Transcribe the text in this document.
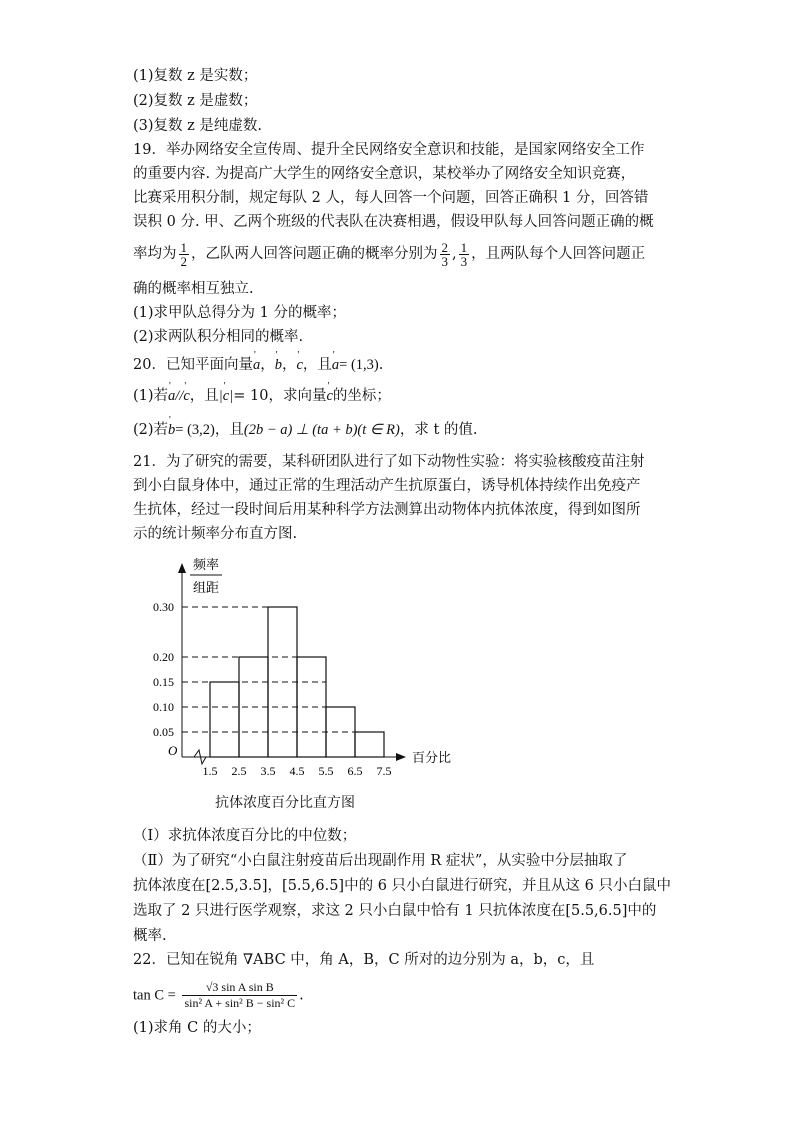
(1)复数 z 是实数；
(2)复数 z 是虚数；
(3)复数 z 是纯虚数.
19．举办网络安全宣传周、提升全民网络安全意识和技能，是国家网络安全工作
的重要内容. 为提高广大学生的网络安全意识，某校举办了网络安全知识竞赛，
比赛采用积分制，规定每队 2 人，每人回答一个问题，回答正确积 1 分，回答错
误积 0 分. 甲、乙两个班级的代表队在决赛相遇，假设甲队每人回答问题正确的概
率均为 $\frac{1}{2}$ ，乙队两人回答问题正确的概率分别为 $\frac{2}{3}$ , $\frac{1}{3}$ ，且两队每个人回答问题正
确的概率相互独立.
(1)求甲队总得分为 1 分的概率；
(2)求两队积分相同的概率.
20．已知平面向量' a，' b，' c，且' a= (1,3).
(1)若' a//' c，且|' c|= 10，求向量' c的坐标；
(2)若' b= (3,2)，且(2b − a) ⊥ (ta + b)(t ∈ R)，求 t 的值.
21．为了研究的需要，某科研团队进行了如下动物性实验：将实验核酸疫苗注射
到小白鼠身体中，通过正常的生理活动产生抗原蛋白，诱导机体持续作出免疫产
生抗体，经过一段时间后用某种科学方法测算出动物体内抗体浓度，得到如图所
示的统计频率分布直方图.
频率
组距
百分比
O
0.05
0.10
0.15
0.20
0.30
1.5 2.5 3.5 4.5 5.5 6.5 7.5
抗体浓度百分比直方图
（Ⅰ）求抗体浓度百分比的中位数；
（Ⅱ）为了研究“小白鼠注射疫苗后出现副作用 R 症状”，从实验中分层抽取了
抗体浓度在[2.5,3.5]，[5.5,6.5]中的 6 只小白鼠进行研究，并且从这 6 只小白鼠中
选取了 2 只进行医学观察，求这 2 只小白鼠中恰有 1 只抗体浓度在[5.5,6.5]中的
概率.
22．已知在锐角 ∇ABC 中，角 A，B，C 所对的边分别为 a，b，c，且
$\tan C = \frac{\text{√3 sin A sin B}}{\text{sin² A + sin² B − sin² C}}$ .
(1)求角 C 的大小；
